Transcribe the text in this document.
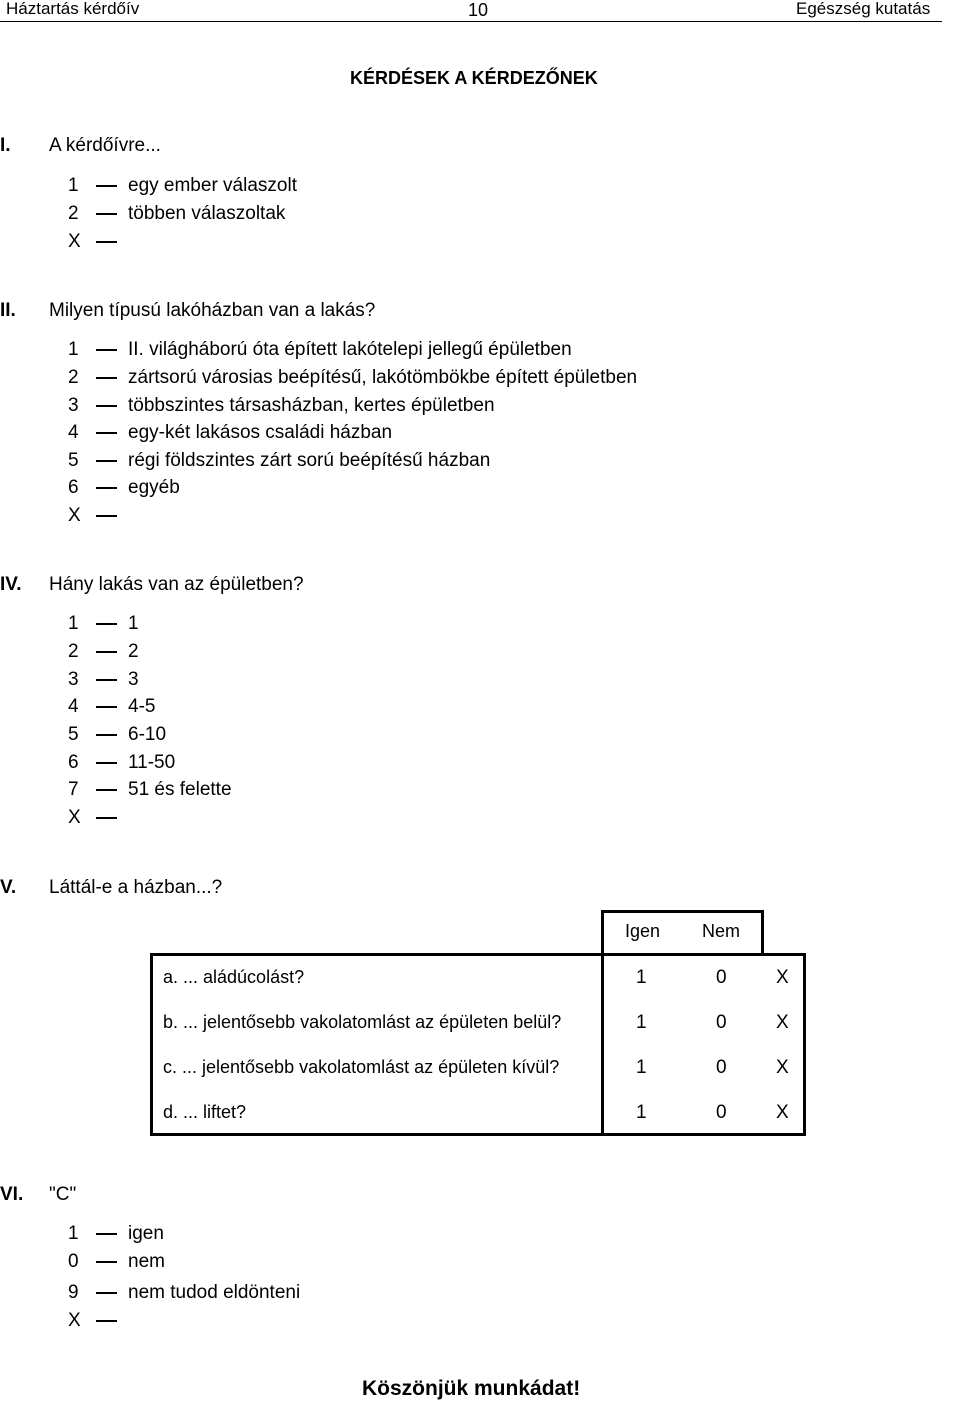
Háztartás kérdőív	10	Egészség kutatás
KÉRDÉSEK A KÉRDEZŐNEK
I. A kérdőívre...
1	egy ember válaszolt
2	többen válaszoltak
X
II. Milyen típusú lakóházban van a lakás?
1	II. világháború óta épített lakótelepi jellegű épületben
2	zártsorú városias beépítésű, lakótömbökbe épített épületben
3	többszintes társasházban, kertes épületben
4	egy-két lakásos családi házban
5	régi földszintes zárt sorú beépítésű házban
6	egyéb
X
IV. Hány lakás van az épületben?
1	1
2	2
3	3
4	4-5
5	6-10
6	11-50
7	51 és felette
X
V. Láttál-e a házban...?
Igen Nem
a. ... aládúcolást?	1	0	X
b. ... jelentősebb vakolatomlást az épületen belül?	1	0	X
c. ... jelentősebb vakolatomlást az épületen kívül?	1	0	X
d. ... liftet?	1	0	X
VI. "C"
1	igen
0	nem
9	nem tudod eldönteni
X
Köszönjük munkádat!
